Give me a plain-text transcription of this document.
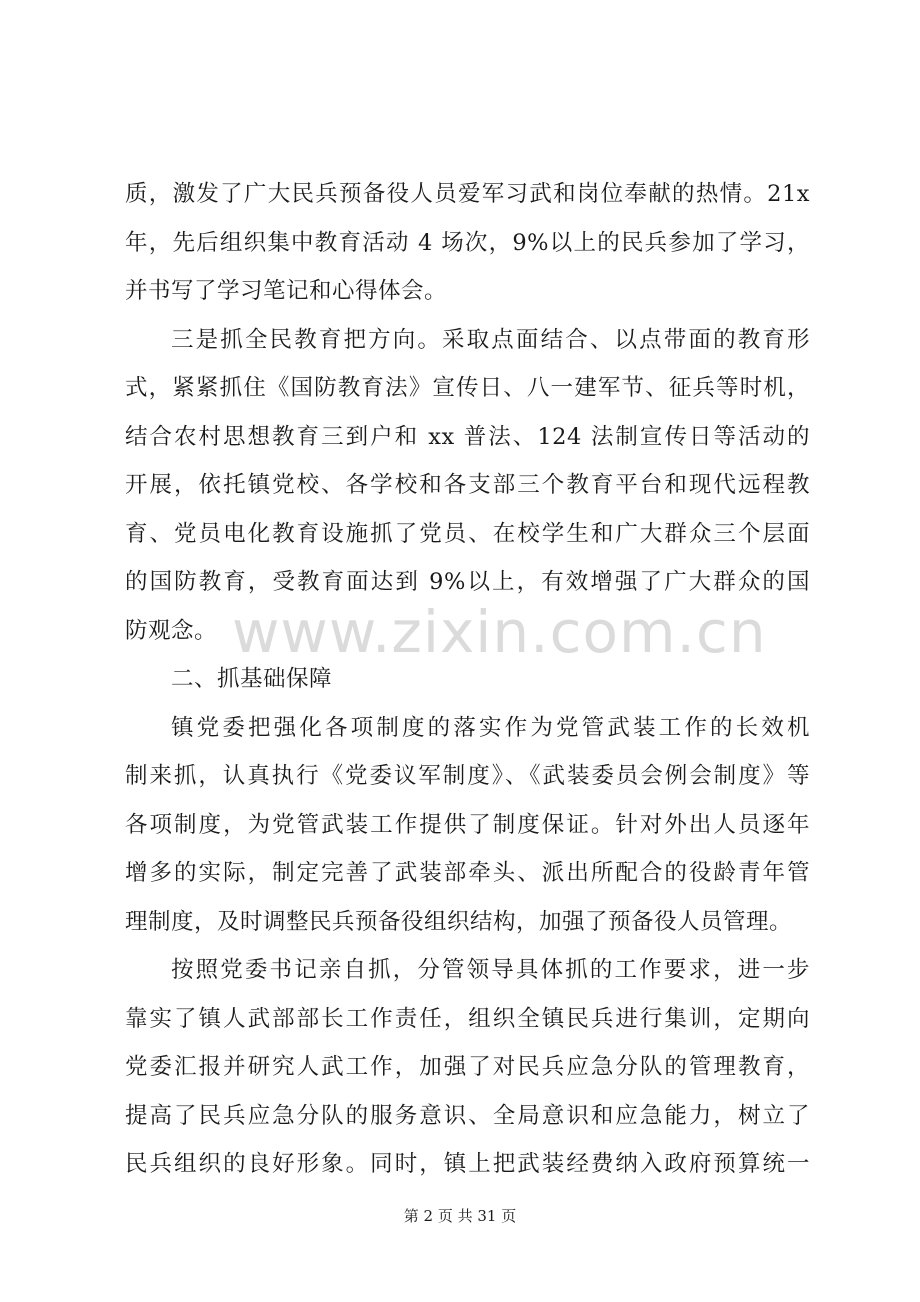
质，激发了广大民兵预备役人员爱军习武和岗位奉献的热情。21x
年，先后组织集中教育活动 4 场次，9%以上的民兵参加了学习，
并书写了学习笔记和心得体会。
三是抓全民教育把方向。采取点面结合、以点带面的教育形
式，紧紧抓住《国防教育法》宣传日、八一建军节、征兵等时机，
结合农村思想教育三到户和 xx 普法、124 法制宣传日等活动的
开展，依托镇党校、各学校和各支部三个教育平台和现代远程教
育、党员电化教育设施抓了党员、在校学生和广大群众三个层面
的国防教育，受教育面达到 9%以上，有效增强了广大群众的国
防观念。
二、抓基础保障
镇党委把强化各项制度的落实作为党管武装工作的长效机
制来抓，认真执行《党委议军制度》、《武装委员会例会制度》等
各项制度，为党管武装工作提供了制度保证。针对外出人员逐年
增多的实际，制定完善了武装部牵头、派出所配合的役龄青年管
理制度，及时调整民兵预备役组织结构，加强了预备役人员管理。
按照党委书记亲自抓，分管领导具体抓的工作要求，进一步
靠实了镇人武部部长工作责任，组织全镇民兵进行集训，定期向
党委汇报并研究人武工作，加强了对民兵应急分队的管理教育，
提高了民兵应急分队的服务意识、全局意识和应急能力，树立了
民兵组织的良好形象。同时，镇上把武装经费纳入政府预算统一
www.zixin.com.cn
第 2 页 共 31 页
